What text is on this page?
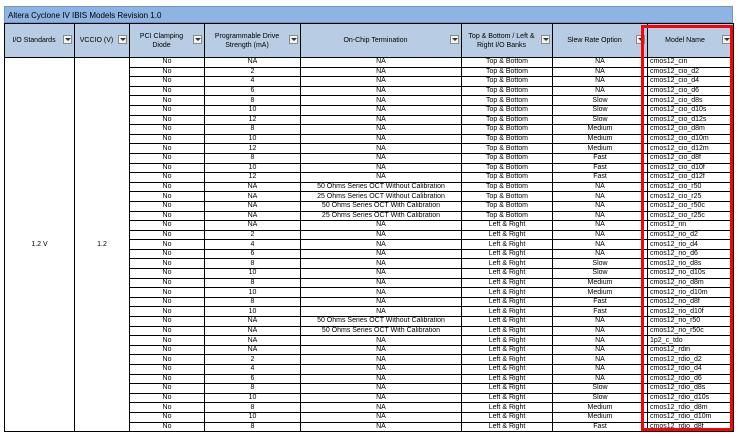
Altera Cyclone IV IBIS Models Revision 1.0
I/O Standards	VCCIO (V)	PCI Clamping Diode	Programmable Drive Strength (mA)	On-Chip Termination	Top & Bottom / Left & Right I/O Banks	Slew Rate Option	Model Name

1.2 V	1.2	No	NA	NA	Top & Bottom	NA	cmos12_cin
		No	2	NA	Top & Bottom	NA	cmos12_cio_d2
		No	4	NA	Top & Bottom	NA	cmos12_cio_d4
		No	6	NA	Top & Bottom	NA	cmos12_cio_d6
		No	8	NA	Top & Bottom	Slow	cmos12_cio_d8s
		No	10	NA	Top & Bottom	Slow	cmos12_cio_d10s
		No	12	NA	Top & Bottom	Slow	cmos12_cio_d12s
		No	8	NA	Top & Bottom	Medium	cmos12_cio_d8m
		No	10	NA	Top & Bottom	Medium	cmos12_cio_d10m
		No	12	NA	Top & Bottom	Medium	cmos12_cio_d12m
		No	8	NA	Top & Bottom	Fast	cmos12_cio_d8f
		No	10	NA	Top & Bottom	Fast	cmos12_cio_d10f
		No	12	NA	Top & Bottom	Fast	cmos12_cio_d12f
		No	NA	50 Ohms Series OCT Without Calibration	Top & Bottom	NA	cmos12_cio_r50
		No	NA	25 Ohms Series OCT Without Calibration	Top & Bottom	NA	cmos12_cio_r25
		No	NA	50 Ohms Series OCT With Calibration	Top & Bottom	NA	cmos12_cio_r50c
		No	NA	25 Ohms Series OCT With Calibration	Top & Bottom	NA	cmos12_cio_r25c
		No	NA	NA	Left & Right	NA	cmos12_rin
		No	2	NA	Left & Right	NA	cmos12_rio_d2
		No	4	NA	Left & Right	NA	cmos12_rio_d4
		No	6	NA	Left & Right	NA	cmos12_rio_d6
		No	8	NA	Left & Right	Slow	cmos12_rio_d8s
		No	10	NA	Left & Right	Slow	cmos12_rio_d10s
		No	8	NA	Left & Right	Medium	cmos12_rio_d8m
		No	10	NA	Left & Right	Medium	cmos12_rio_d10m
		No	8	NA	Left & Right	Fast	cmos12_rio_d8f
		No	10	NA	Left & Right	Fast	cmos12_rio_d10f
		No	NA	50 Ohms Series OCT Without Calibration	Left & Right	NA	cmos12_rio_r50
		No	NA	50 Ohms Series OCT With Calibration	Left & Right	NA	cmos12_rio_r50c
		No	NA	NA	Left & Right	NA	1p2_c_tdo
		No	NA	NA	Left & Right	NA	cmos12_rdin
		No	2	NA	Left & Right	NA	cmos12_rdio_d2
		No	4	NA	Left & Right	NA	cmos12_rdio_d4
		No	6	NA	Left & Right	NA	cmos12_rdio_d6
		No	8	NA	Left & Right	Slow	cmos12_rdio_d8s
		No	10	NA	Left & Right	Slow	cmos12_rdio_d10s
		No	8	NA	Left & Right	Medium	cmos12_rdio_d8m
		No	10	NA	Left & Right	Medium	cmos12_rdio_d10m
		No	8	NA	Left & Right	Fast	cmos12_rdio_d8f
